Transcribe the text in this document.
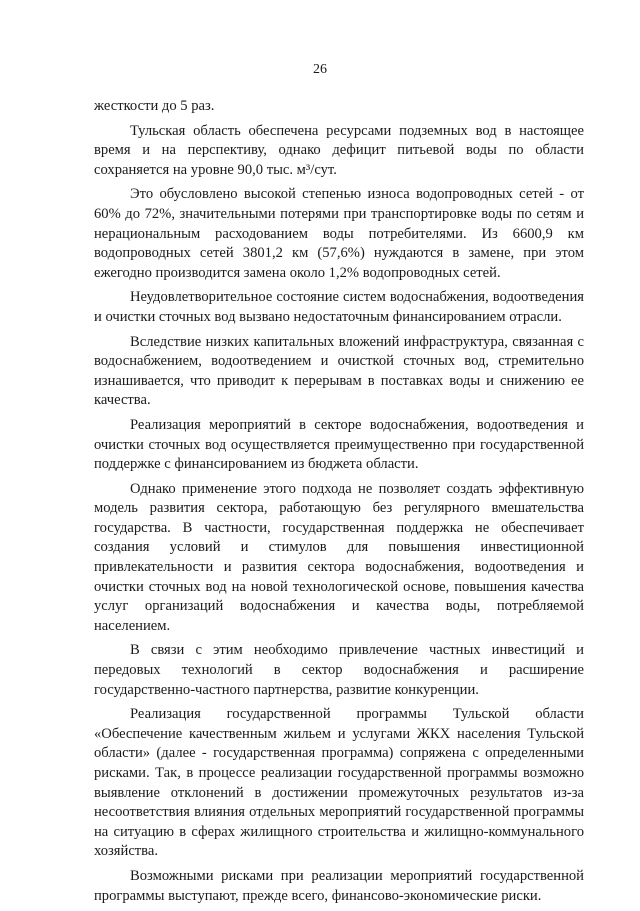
26

жесткости до 5 раз.

Тульская область обеспечена ресурсами подземных вод в настоящее время и на перспективу, однако дефицит питьевой воды по области сохраняется на уровне 90,0 тыс. м³/сут.

Это обусловлено высокой степенью износа водопроводных сетей - от 60% до 72%, значительными потерями при транспортировке воды по сетям и нерациональным расходованием воды потребителями. Из 6600,9 км водопроводных сетей 3801,2 км (57,6%) нуждаются в замене, при этом ежегодно производится замена около 1,2% водопроводных сетей.

Неудовлетворительное состояние систем водоснабжения, водоотведения и очистки сточных вод вызвано недостаточным финансированием отрасли.

Вследствие низких капитальных вложений инфраструктура, связанная с водоснабжением, водоотведением и очисткой сточных вод, стремительно изнашивается, что приводит к перерывам в поставках воды и снижению ее качества.

Реализация мероприятий в секторе водоснабжения, водоотведения и очистки сточных вод осуществляется преимущественно при государственной поддержке с финансированием из бюджета области.

Однако применение этого подхода не позволяет создать эффективную модель развития сектора, работающую без регулярного вмешательства государства. В частности, государственная поддержка не обеспечивает создания условий и стимулов для повышения инвестиционной привлекательности и развития сектора водоснабжения, водоотведения и очистки сточных вод на новой технологической основе, повышения качества услуг организаций водоснабжения и качества воды, потребляемой населением.

В связи с этим необходимо привлечение частных инвестиций и передовых технологий в сектор водоснабжения и расширение государственно-частного партнерства, развитие конкуренции.

Реализация государственной программы Тульской области «Обеспечение качественным жильем и услугами ЖКХ населения Тульской области» (далее - государственная программа) сопряжена с определенными рисками. Так, в процессе реализации государственной программы возможно выявление отклонений в достижении промежуточных результатов из-за несоответствия влияния отдельных мероприятий государственной программы на ситуацию в сферах жилищного строительства и жилищно-коммунального хозяйства.

Возможными рисками при реализации мероприятий государственной программы выступают, прежде всего, финансово-экономические риски.
